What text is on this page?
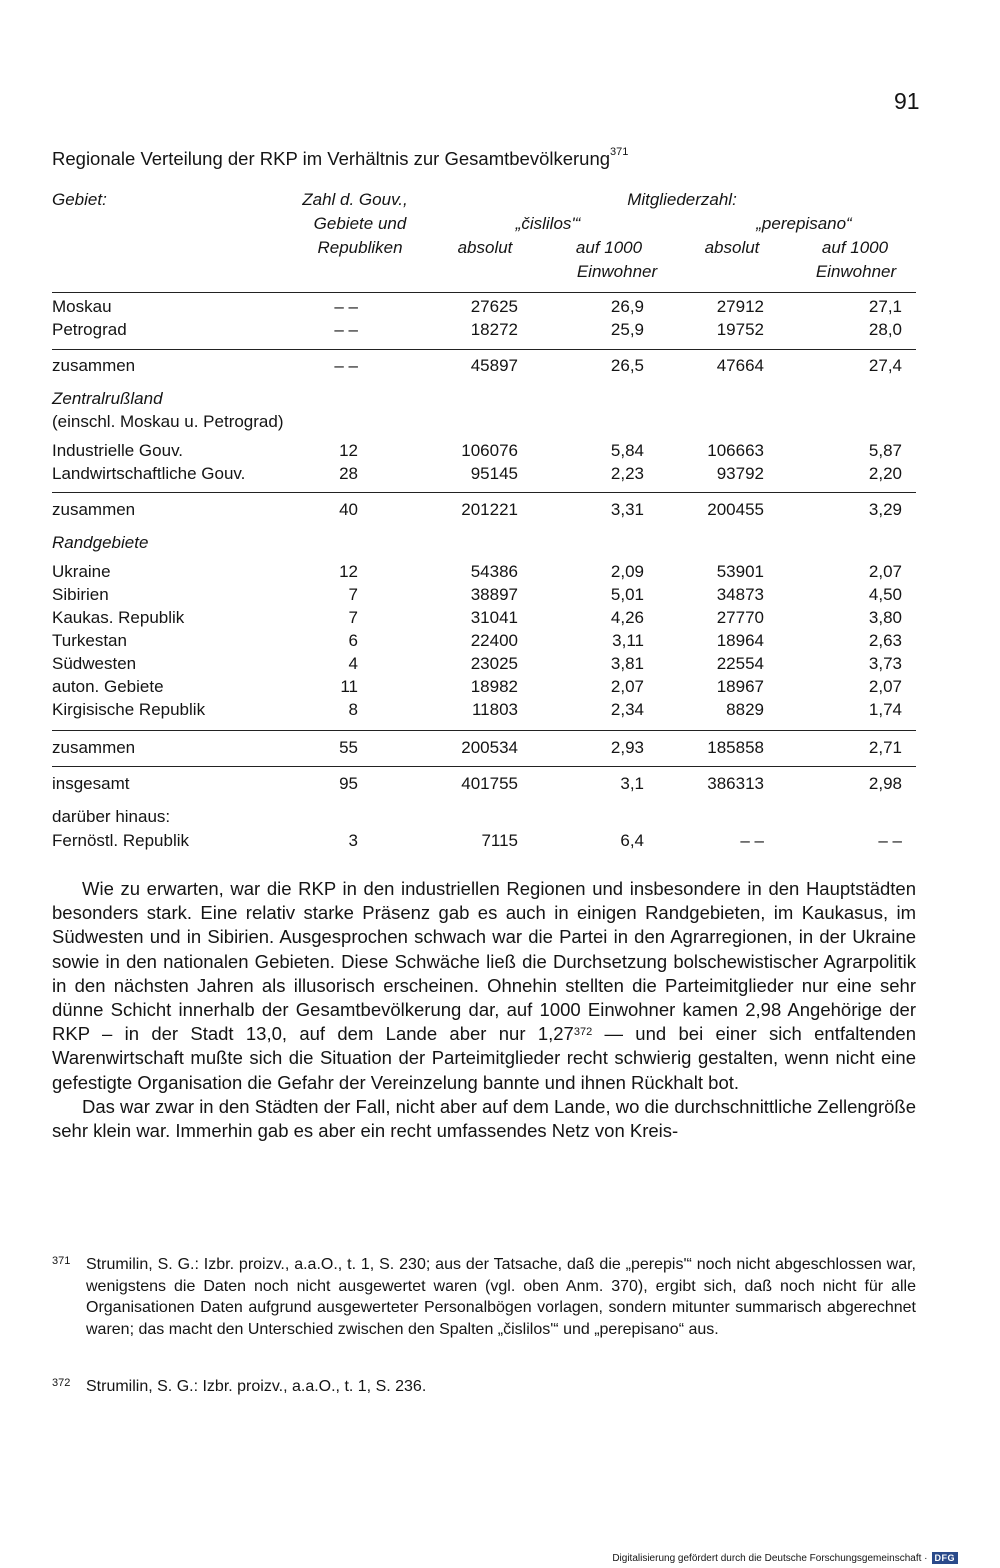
91
Regionale Verteilung der RKP im Verhältnis zur Gesamtbevölkerung$^{371}$
Gebiet:	Zahl d. Gouv.,
Gebiete und
Republiken
Mitgliederzahl:
„čislilos'“	„perepisano“
absolut	auf 1000
Einwohner
absolut	auf 1000
Einwohner
Moskau	– –	27625	26,9	27912	27,1
Petrograd	– –	18272	25,9	19752	28,0
zusammen	– –	45897	26,5	47664	27,4
Zentralrußland
(einschl. Moskau u. Petrograd)
Industrielle Gouv.	12	106076	5,84	106663	5,87
Landwirtschaftliche Gouv.	28	95145	2,23	93792	2,20
zusammen	40	201221	3,31	200455	3,29
Randgebiete
Ukraine	12	54386	2,09	53901	2,07
Sibirien	7	38897	5,01	34873	4,50
Kaukas. Republik	7	31041	4,26	27770	3,80
Turkestan	6	22400	3,11	18964	2,63
Südwesten	4	23025	3,81	22554	3,73
auton. Gebiete	11	18982	2,07	18967	2,07
Kirgisische Republik	8	11803	2,34	8829	1,74
zusammen	55	200534	2,93	185858	2,71
insgesamt	95	401755	3,1	386313	2,98
darüber hinaus:
Fernöstl. Republik	3	7115	6,4	– –	– –

Wie zu erwarten, war die RKP in den industriellen Regionen und insbesondere in den Hauptstädten besonders stark. Eine relativ starke Präsenz gab es auch in einigen Randgebieten, im Kaukasus, im Südwesten und in Sibirien. Ausgesprochen schwach war die Partei in den Agrarregionen, in der Ukraine sowie in den nationalen Gebieten. Diese Schwäche ließ die Durchsetzung bolschewistischer Agrarpolitik in den nächsten Jahren als illusorisch erscheinen. Ohnehin stellten die Parteimitglieder nur eine sehr dünne Schicht innerhalb der Gesamtbevölkerung dar, auf 1000 Einwohner kamen 2,98 Angehörige der RKP – in der Stadt 13,0, auf dem Lande aber nur 1,27$^{372}$ — und bei einer sich entfaltenden Warenwirtschaft mußte sich die Situation der Parteimitglieder recht schwierig gestalten, wenn nicht eine gefestigte Organisation die Gefahr der Vereinzelung bannte und ihnen Rückhalt bot.

Das war zwar in den Städten der Fall, nicht aber auf dem Lande, wo die durchschnittliche Zellengröße sehr klein war. Immerhin gab es aber ein recht umfassendes Netz von Kreis-

371 Strumilin, S. G.: Izbr. proizv., a.a.O., t. 1, S. 230; aus der Tatsache, daß die „perepis'“ noch nicht abgeschlossen war, wenigstens die Daten noch nicht ausgewertet waren (vgl. oben Anm. 370), ergibt sich, daß noch nicht für alle Organisationen Daten aufgrund ausgewerteter Personalbögen vorlagen, sondern mitunter summarisch abgerechnet waren; das macht den Unterschied zwischen den Spalten „čislilos'“ und „perepisano“ aus.
372 Strumilin, S. G.: Izbr. proizv., a.a.O., t. 1, S. 236.
Digitalisierung gefördert durch die Deutsche Forschungsgemeinschaft · DFG
